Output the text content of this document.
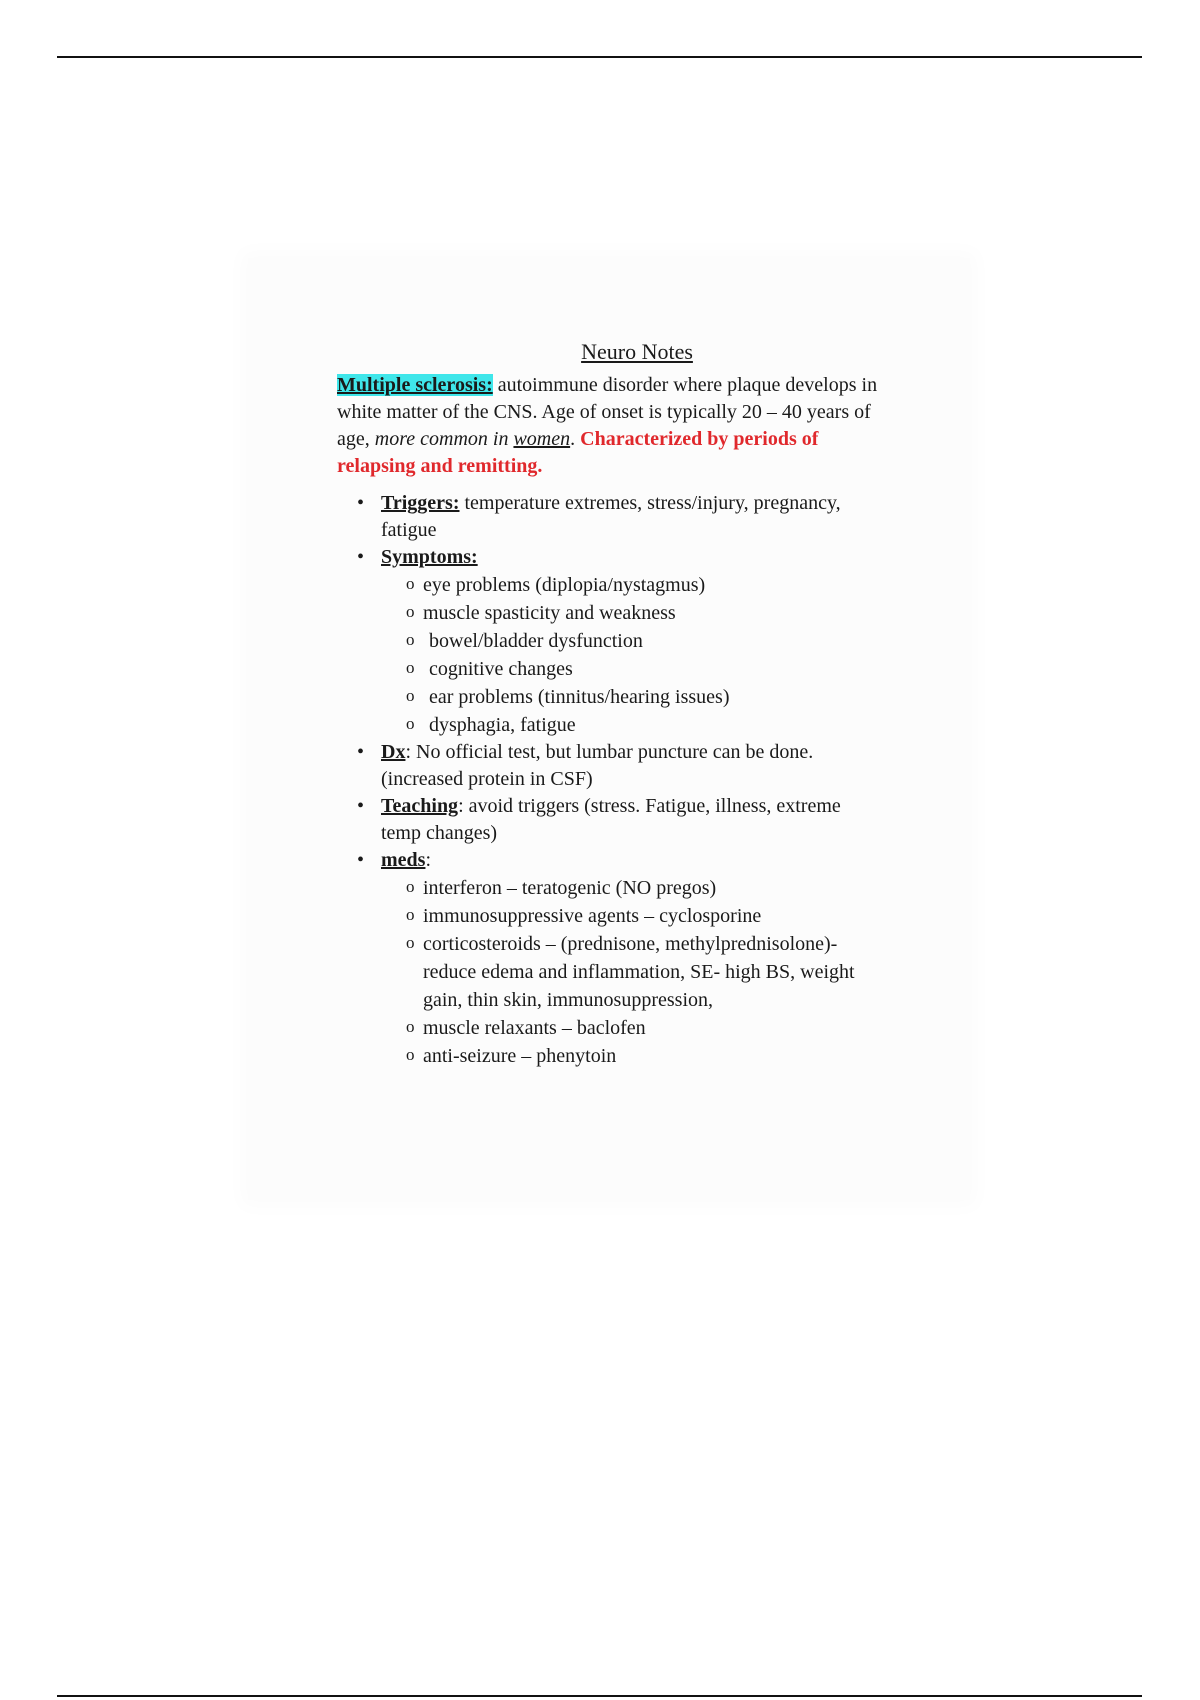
Neuro Notes

Multiple sclerosis: autoimmune disorder where plaque develops in white matter of the CNS. Age of onset is typically 20 – 40 years of age, more common in women. Characterized by periods of relapsing and remitting.

• Triggers: temperature extremes, stress/injury, pregnancy, fatigue
• Symptoms:
o eye problems (diplopia/nystagmus)
o muscle spasticity and weakness
o bowel/bladder dysfunction
o cognitive changes
o ear problems (tinnitus/hearing issues)
o dysphagia, fatigue
• Dx: No official test, but lumbar puncture can be done. (increased protein in CSF)
• Teaching: avoid triggers (stress. Fatigue, illness, extreme temp changes)
• meds:
o interferon – teratogenic (NO pregos)
o immunosuppressive agents – cyclosporine
o corticosteroids – (prednisone, methylprednisolone)- reduce edema and inflammation, SE- high BS, weight gain, thin skin, immunosuppression,
o muscle relaxants – baclofen
o anti-seizure – phenytoin
